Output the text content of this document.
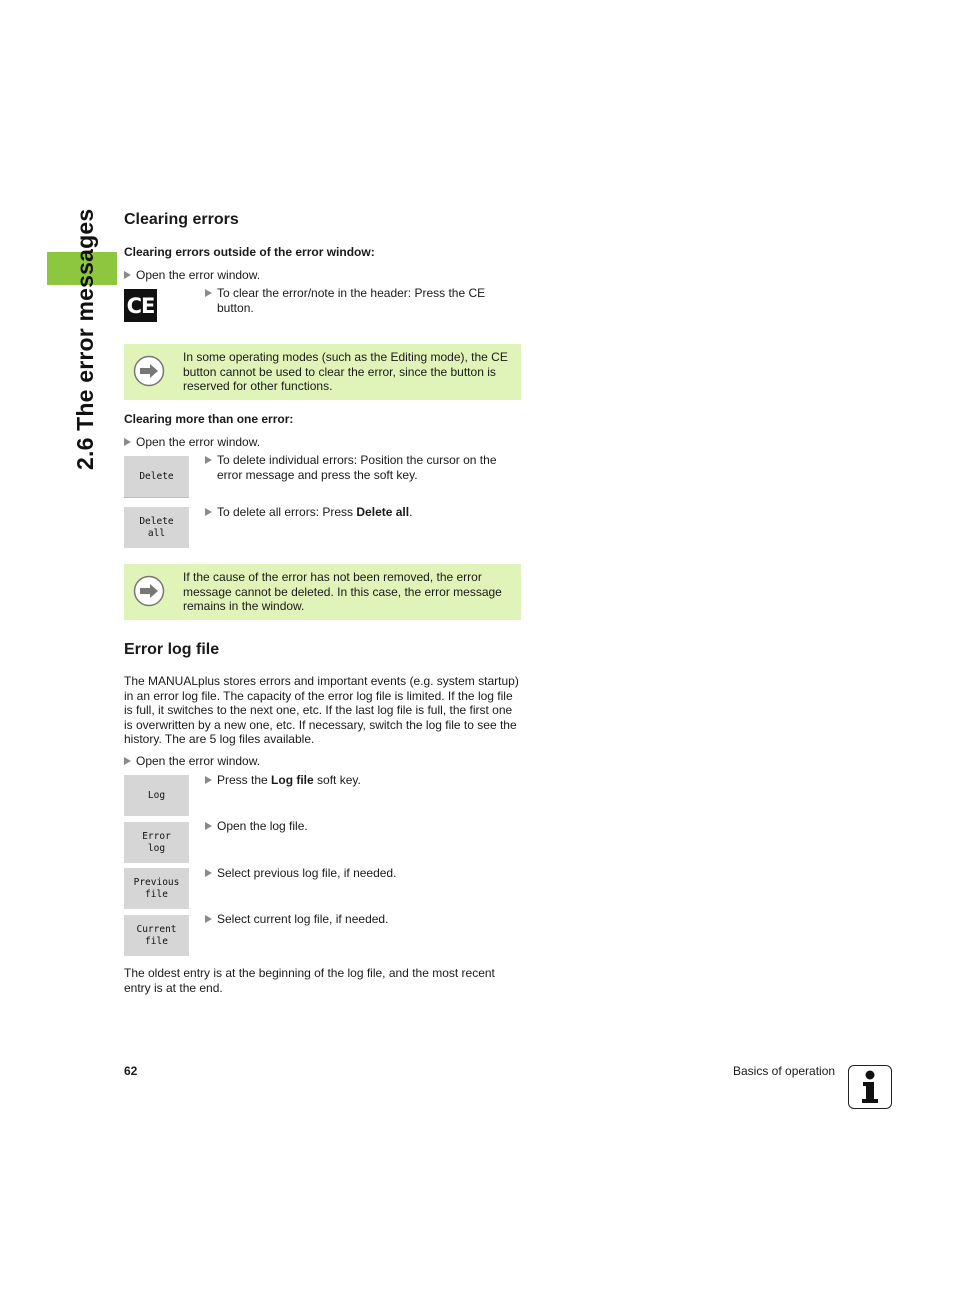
2.6 The error messages Clearing errors
Clearing errors outside of the error window:
Open the error window.
CE
To clear the error/note in the header: Press the CE button.
In some operating modes (such as the Editing mode), the CE button cannot be used to clear the error, since the button is reserved for other functions.
Clearing more than one error:
Open the error window.
Delete
To delete individual errors: Position the cursor on the error message and press the soft key.
Delete
all
To delete all errors: Press Delete all.
If the cause of the error has not been removed, the error message cannot be deleted. In this case, the error message remains in the window.
Error log file
The MANUALplus stores errors and important events (e.g. system startup) in an error log file. The capacity of the error log file is limited. If the log file is full, it switches to the next one, etc. If the last log file is full, the first one is overwritten by a new one, etc. If necessary, switch the log file to see the history. The are 5 log files available.
Open the error window.
Log
Press the Log file soft key.
Error
log
Open the log file.
Previous
file
Select previous log file, if needed.
Current
file
Select current log file, if needed.
The oldest entry is at the beginning of the log file, and the most recent entry is at the end.
62	Basics of operation
